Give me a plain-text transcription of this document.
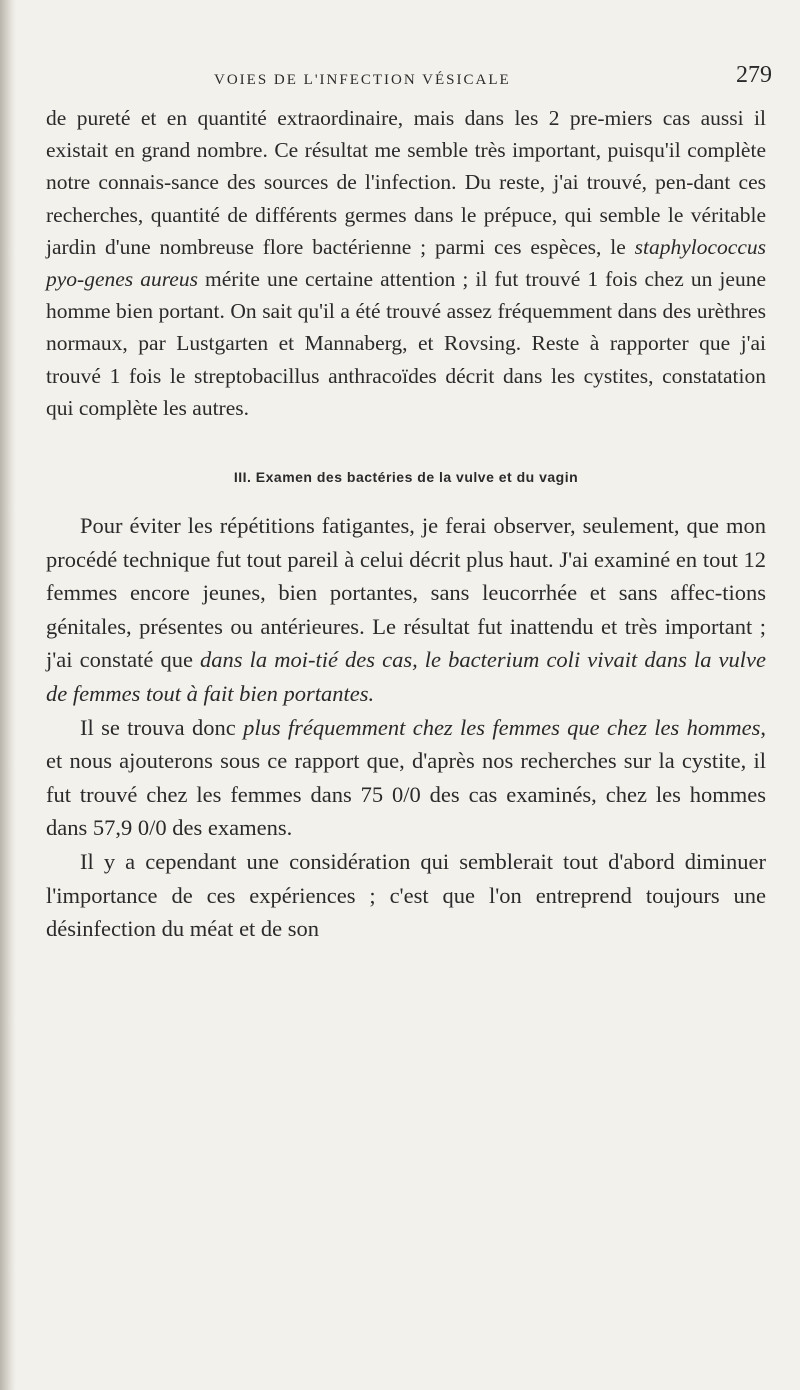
VOIES DE L'INFECTION VÉSICALE	279

de pureté et en quantité extraordinaire, mais dans les 2 pre-miers cas aussi il existait en grand nombre. Ce résultat me semble très important, puisqu'il complète notre connais-sance des sources de l'infection. Du reste, j'ai trouvé, pen-dant ces recherches, quantité de différents germes dans le prépuce, qui semble le véritable jardin d'une nombreuse flore bactérienne ; parmi ces espèces, le staphylococcus pyo-genes aureus mérite une certaine attention ; il fut trouvé 1 fois chez un jeune homme bien portant. On sait qu'il a été trouvé assez fréquemment dans des urèthres normaux, par Lustgarten et Mannaberg, et Rovsing. Reste à rapporter que j'ai trouvé 1 fois le streptobacillus anthracoïdes décrit dans les cystites, constatation qui complète les autres.

III. Examen des bactéries de la vulve et du vagin

Pour éviter les répétitions fatigantes, je ferai observer, seulement, que mon procédé technique fut tout pareil à celui décrit plus haut. J'ai examiné en tout 12 femmes encore jeunes, bien portantes, sans leucorrhée et sans affec-tions génitales, présentes ou antérieures. Le résultat fut inattendu et très important ; j'ai constaté que dans la moi-tié des cas, le bacterium coli vivait dans la vulve de femmes tout à fait bien portantes.

Il se trouva donc plus fréquemment chez les femmes que chez les hommes, et nous ajouterons sous ce rapport que, d'après nos recherches sur la cystite, il fut trouvé chez les femmes dans 75 0/0 des cas examinés, chez les hommes dans 57,9 0/0 des examens.

Il y a cependant une considération qui semblerait tout d'abord diminuer l'importance de ces expériences ; c'est que l'on entreprend toujours une désinfection du méat et de son
